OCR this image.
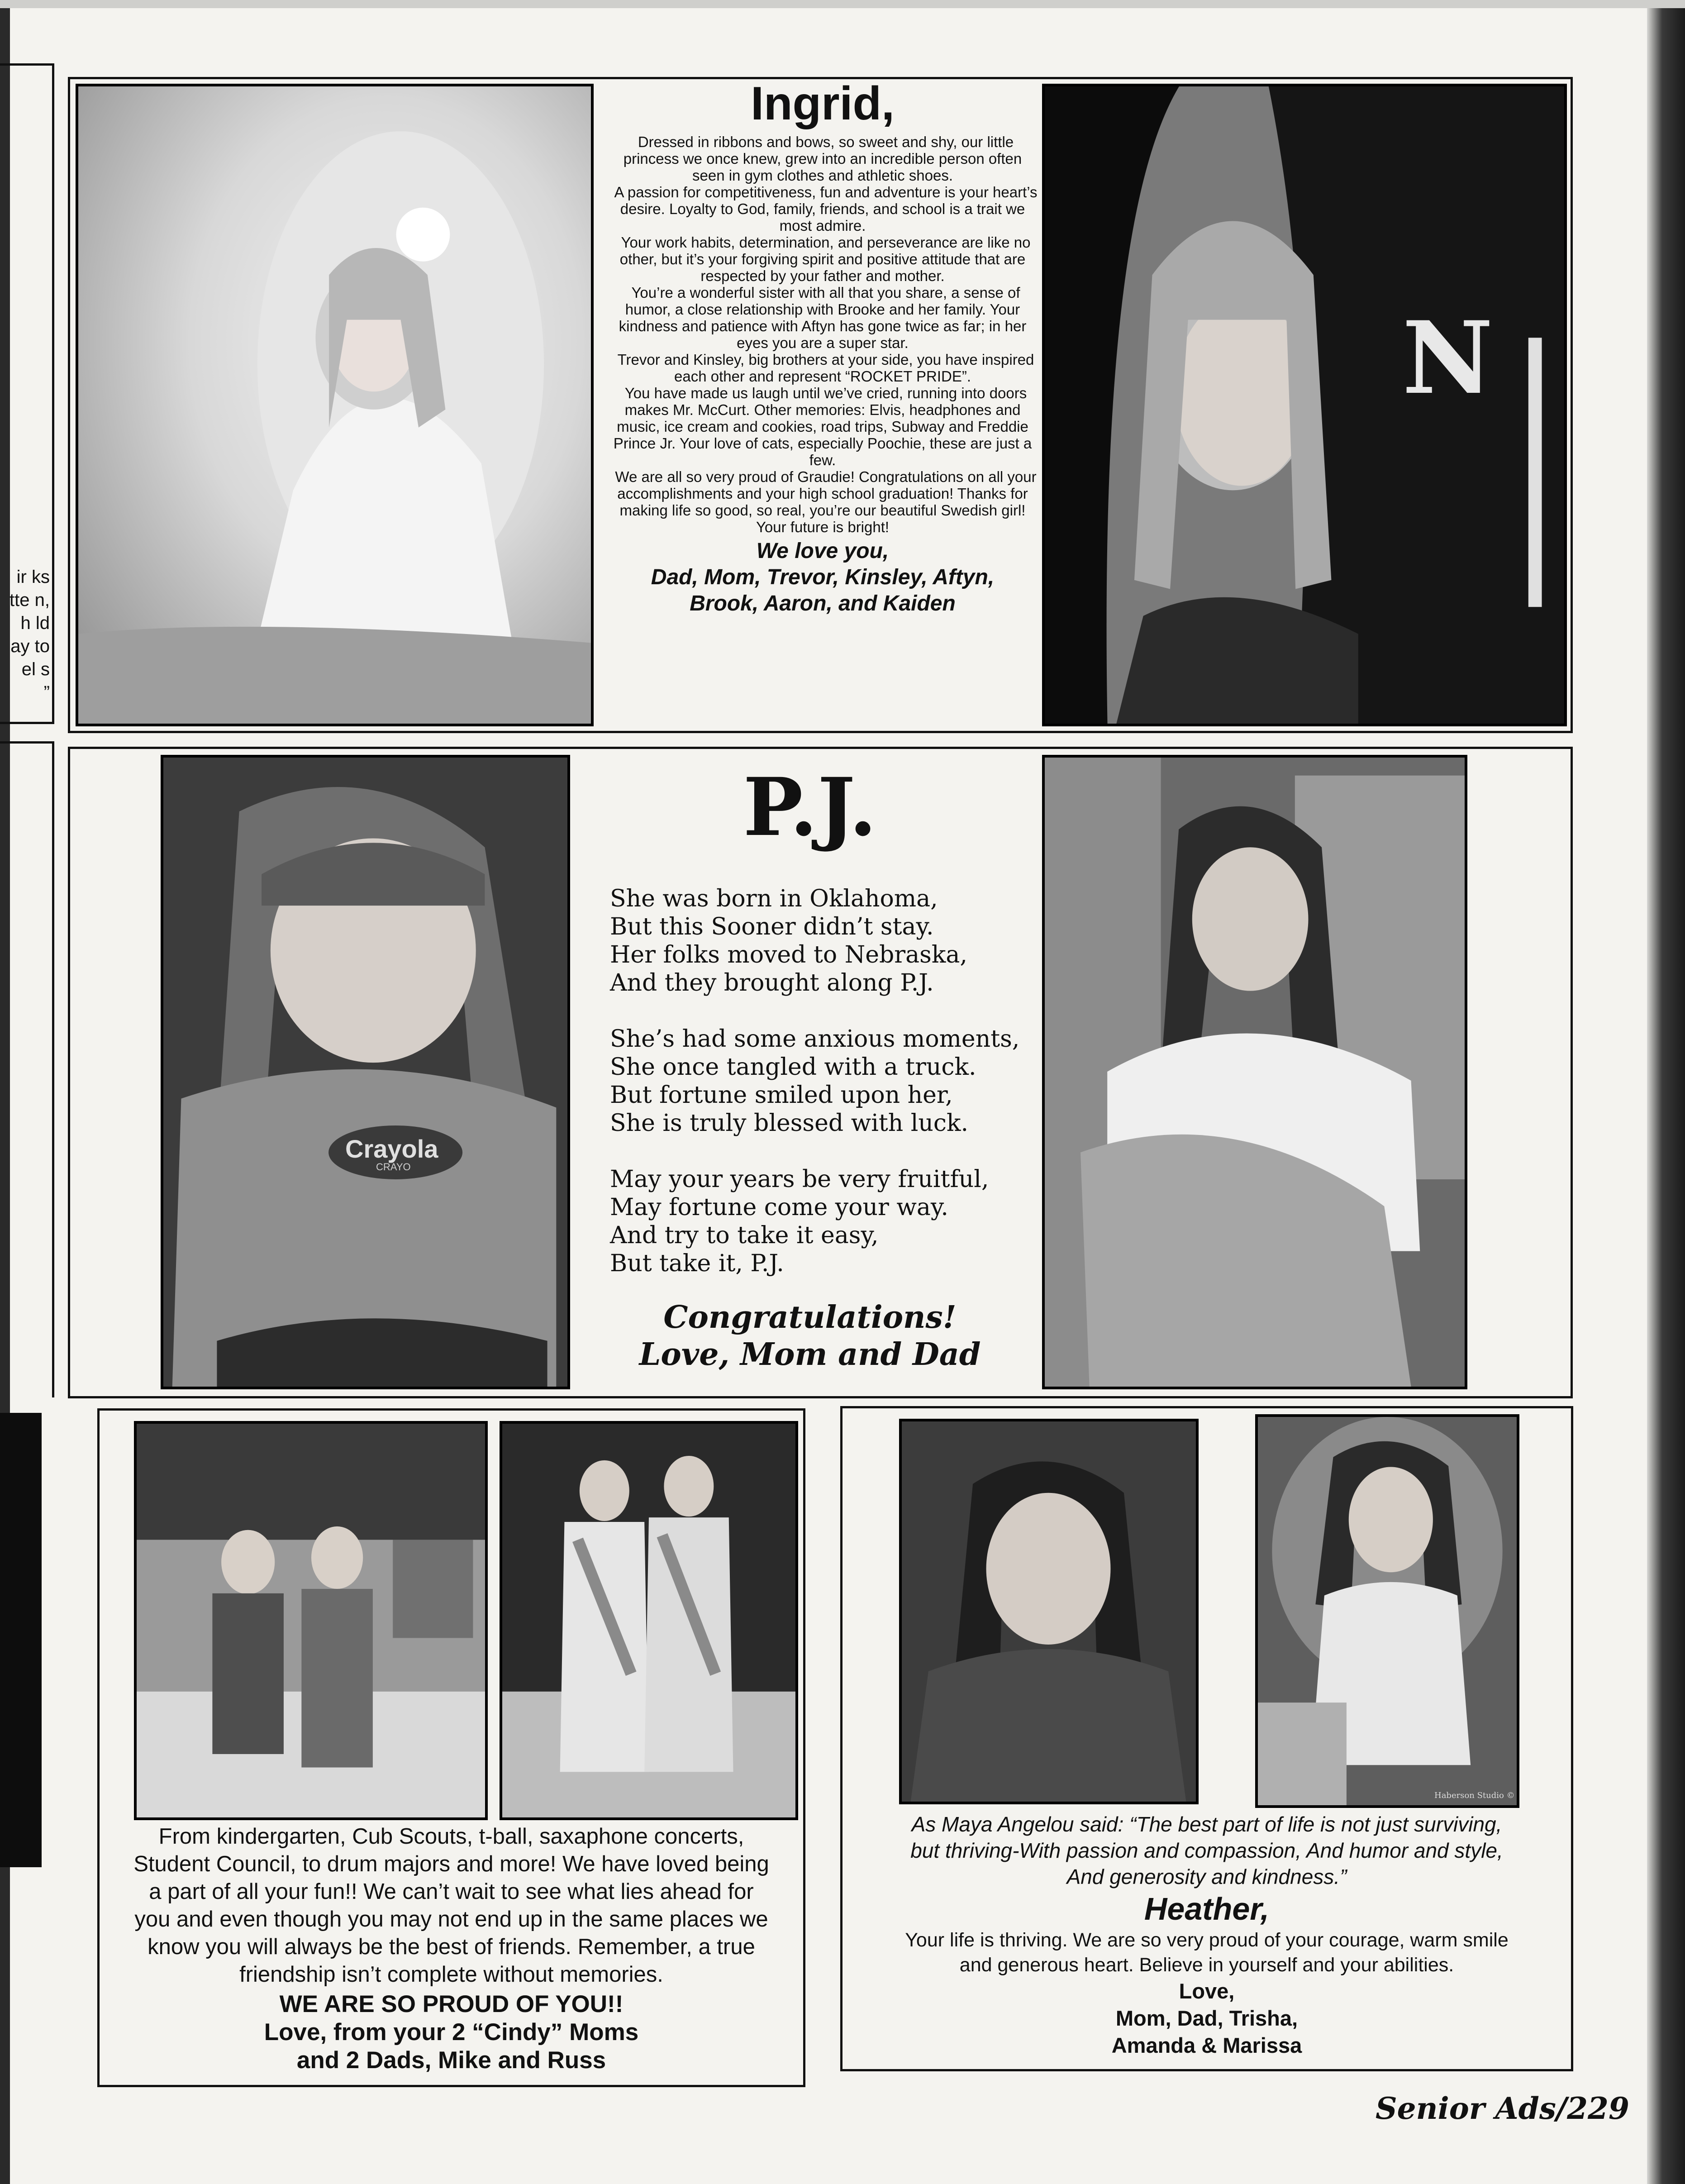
ir ks
tte n,
h ld
ay to
el s
”
Ingrid,

Dressed in ribbons and bows, so sweet and shy, our little princess we once knew, grew into an incredible person often seen in gym clothes and athletic shoes.

A passion for competitiveness, fun and adventure is your heart’s desire. Loyalty to God, family, friends, and school is a trait we most admire.

Your work habits, determination, and perseverance are like no other, but it’s your forgiving spirit and positive attitude that are respected by your father and mother.

You’re a wonderful sister with all that you share, a sense of humor, a close relationship with Brooke and her family. Your kindness and patience with Aftyn has gone twice as far; in her eyes you are a super star.

Trevor and Kinsley, big brothers at your side, you have inspired each other and represent “ROCKET PRIDE”.

You have made us laugh until we’ve cried, running into doors makes Mr. McCurt. Other memories: Elvis, headphones and music, ice cream and cookies, road trips, Subway and Freddie Prince Jr. Your love of cats, especially Poochie, these are just a few.

We are all so very proud of Graudie! Congratulations on all your accomplishments and your high school graduation! Thanks for making life so good, so real, you’re our beautiful Swedish girl! Your future is bright!

We love you,
Dad, Mom, Trevor, Kinsley, Aftyn,
Brook, Aaron, and Kaiden
N
Crayola
CRAYO
P.J.
She was born in Oklahoma,
But this Sooner didn’t stay.
Her folks moved to Nebraska,
And they brought along P.J.
She’s had some anxious moments,
She once tangled with a truck.
But fortune smiled upon her,
She is truly blessed with luck.
May your years be very fruitful,
May fortune come your way.
And try to take it easy,
But take it, P.J.
Congratulations!
Love, Mom and Dad
From kindergarten, Cub Scouts, t-ball, saxaphone concerts,
Student Council, to drum majors and more! We have loved being
a part of all your fun!! We can’t wait to see what lies ahead for
you and even though you may not end up in the same places we
know you will always be the best of friends. Remember, a true
friendship isn’t complete without memories.
WE ARE SO PROUD OF YOU!!
Love, from your 2 “Cindy” Moms
and 2 Dads, Mike and Russ
Haberson Studio ©
As Maya Angelou said: “The best part of life is not just surviving,
but thriving-With passion and compassion, And humor and style,
And generosity and kindness.”
Heather,
Your life is thriving. We are so very proud of your courage, warm smile
and generous heart. Believe in yourself and your abilities.
Love,
Mom, Dad, Trisha,
Amanda & Marissa
Senior Ads/229
